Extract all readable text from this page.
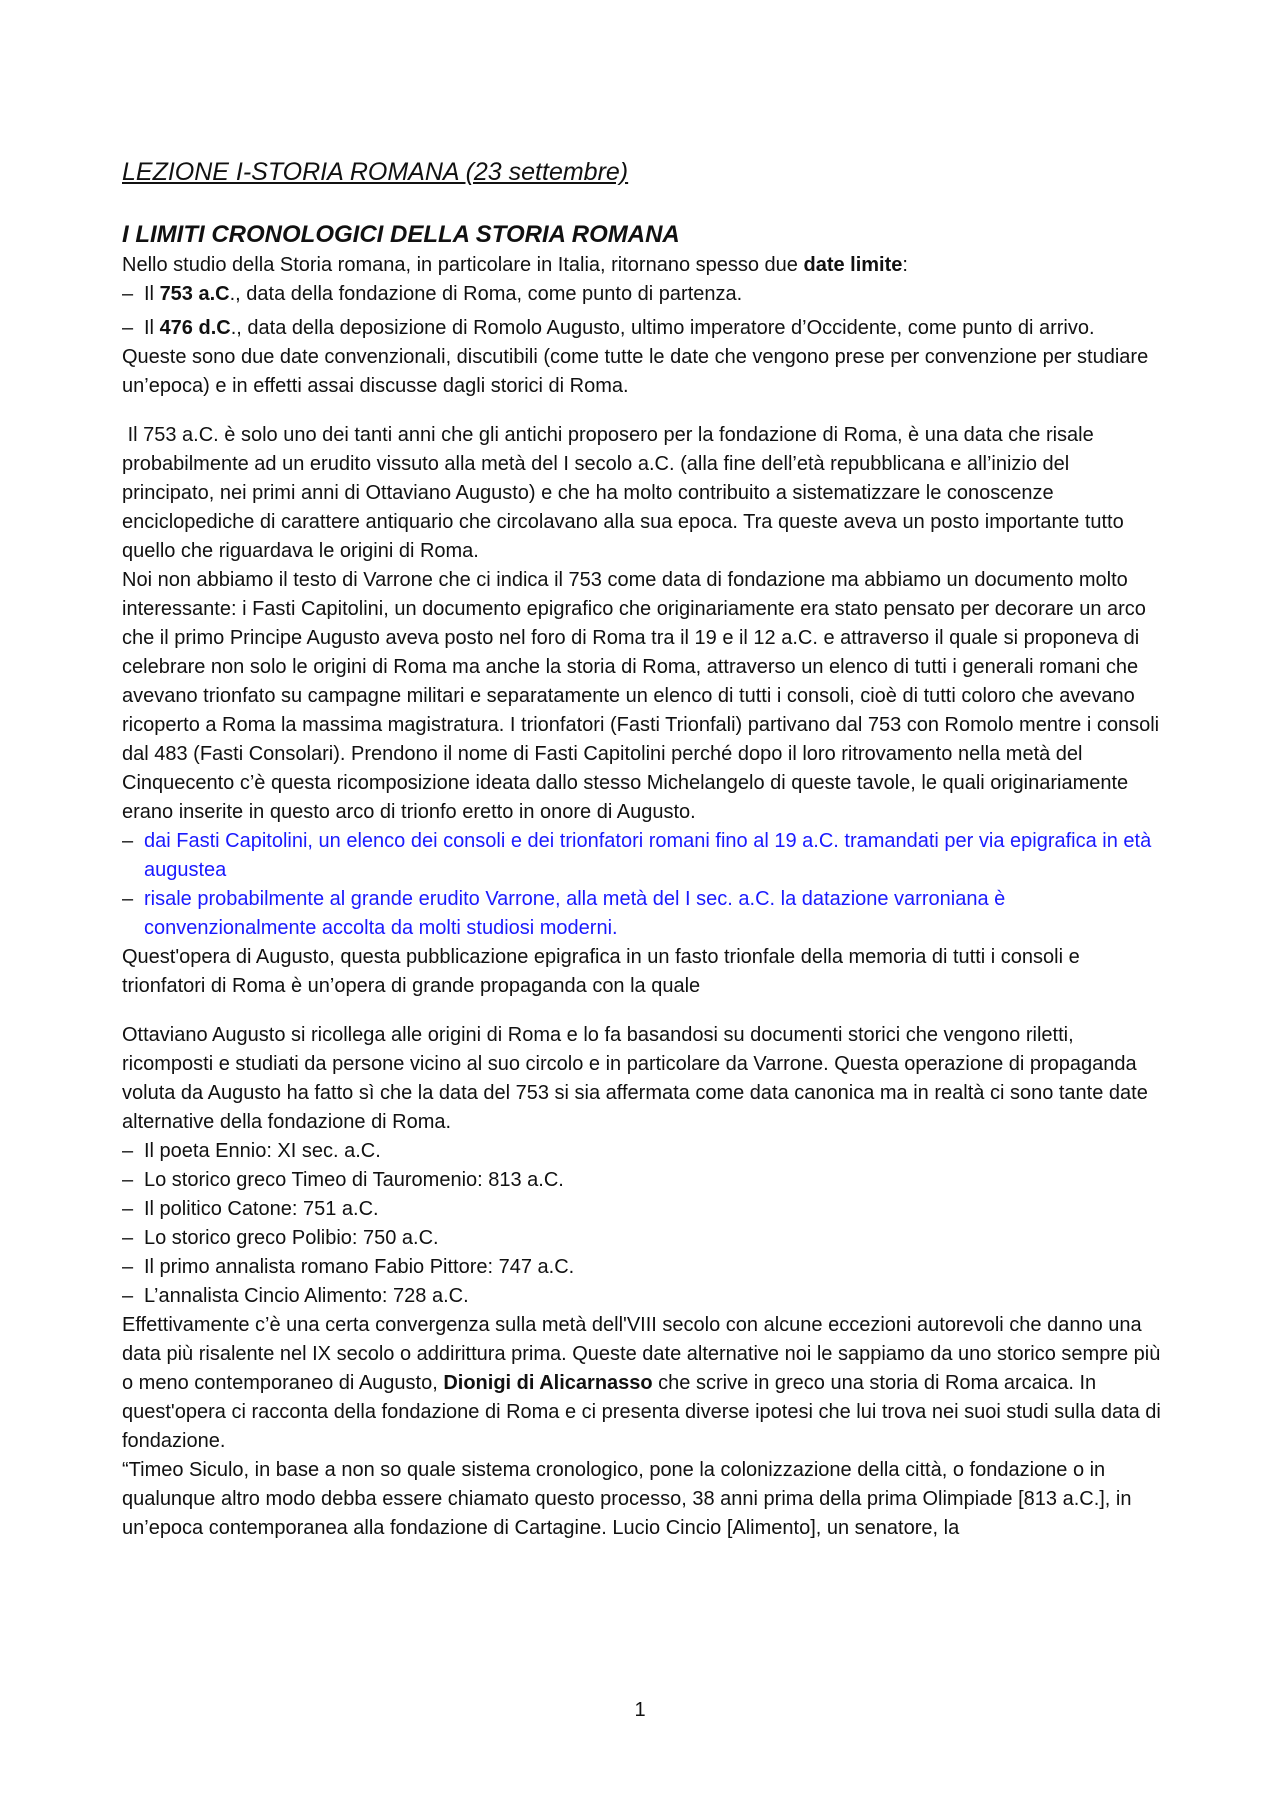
LEZIONE I-STORIA ROMANA (23 settembre)
I LIMITI CRONOLOGICI DELLA STORIA ROMANA

Nello studio della Storia romana, in particolare in Italia, ritornano spesso due date limite:

– Il 753 a.C., data della fondazione di Roma, come punto di partenza.
– Il 476 d.C., data della deposizione di Romolo Augusto, ultimo imperatore d’Occidente, come punto di arrivo.

Queste sono due date convenzionali, discutibili (come tutte le date che vengono prese per convenzione per studiare un’epoca) e in effetti assai discusse dagli storici di Roma.

Il 753 a.C. è solo uno dei tanti anni che gli antichi proposero per la fondazione di Roma, è una data che risale probabilmente ad un erudito vissuto alla metà del I secolo a.C. (alla fine dell’età repubblicana e all’inizio del principato, nei primi anni di Ottaviano Augusto) e che ha molto contribuito a sistematizzare le conoscenze enciclopediche di carattere antiquario che circolavano alla sua epoca. Tra queste aveva un posto importante tutto quello che riguardava le origini di Roma.

Noi non abbiamo il testo di Varrone che ci indica il 753 come data di fondazione ma abbiamo un documento molto interessante: i Fasti Capitolini, un documento epigrafico che originariamente era stato pensato per decorare un arco che il primo Principe Augusto aveva posto nel foro di Roma tra il 19 e il 12 a.C. e attraverso il quale si proponeva di celebrare non solo le origini di Roma ma anche la storia di Roma, attraverso un elenco di tutti i generali romani che avevano trionfato su campagne militari e separatamente un elenco di tutti i consoli, cioè di tutti coloro che avevano ricoperto a Roma la massima magistratura. I trionfatori (Fasti Trionfali) partivano dal 753 con Romolo mentre i consoli dal 483 (Fasti Consolari). Prendono il nome di Fasti Capitolini perché dopo il loro ritrovamento nella metà del Cinquecento c’è questa ricomposizione ideata dallo stesso Michelangelo di queste tavole, le quali originariamente erano inserite in questo arco di trionfo eretto in onore di Augusto.

– dai Fasti Capitolini, un elenco dei consoli e dei trionfatori romani fino al 19 a.C. tramandati per via epigrafica in età augustea
– risale probabilmente al grande erudito Varrone, alla metà del I sec. a.C. la datazione varroniana è convenzionalmente accolta da molti studiosi moderni.

Quest'opera di Augusto, questa pubblicazione epigrafica in un fasto trionfale della memoria di tutti i consoli e trionfatori di Roma è un’opera di grande propaganda con la quale

Ottaviano Augusto si ricollega alle origini di Roma e lo fa basandosi su documenti storici che vengono riletti, ricomposti e studiati da persone vicino al suo circolo e in particolare da Varrone. Questa operazione di propaganda voluta da Augusto ha fatto sì che la data del 753 si sia affermata come data canonica ma in realtà ci sono tante date alternative della fondazione di Roma.

– Il poeta Ennio: XI sec. a.C.
– Lo storico greco Timeo di Tauromenio: 813 a.C.
– Il politico Catone: 751 a.C.
– Lo storico greco Polibio: 750 a.C.
– Il primo annalista romano Fabio Pittore: 747 a.C.
– L’annalista Cincio Alimento: 728 a.C.

Effettivamente c’è una certa convergenza sulla metà dell'VIII secolo con alcune eccezioni autorevoli che danno una data più risalente nel IX secolo o addirittura prima. Queste date alternative noi le sappiamo da uno storico sempre più o meno contemporaneo di Augusto, Dionigi di Alicarnasso che scrive in greco una storia di Roma arcaica. In quest'opera ci racconta della fondazione di Roma e ci presenta diverse ipotesi che lui trova nei suoi studi sulla data di fondazione.

“Timeo Siculo, in base a non so quale sistema cronologico, pone la colonizzazione della città, o fondazione o in qualunque altro modo debba essere chiamato questo processo, 38 anni prima della prima Olimpiade [813 a.C.], in un’epoca contemporanea alla fondazione di Cartagine. Lucio Cincio [Alimento], un senatore, la

1
